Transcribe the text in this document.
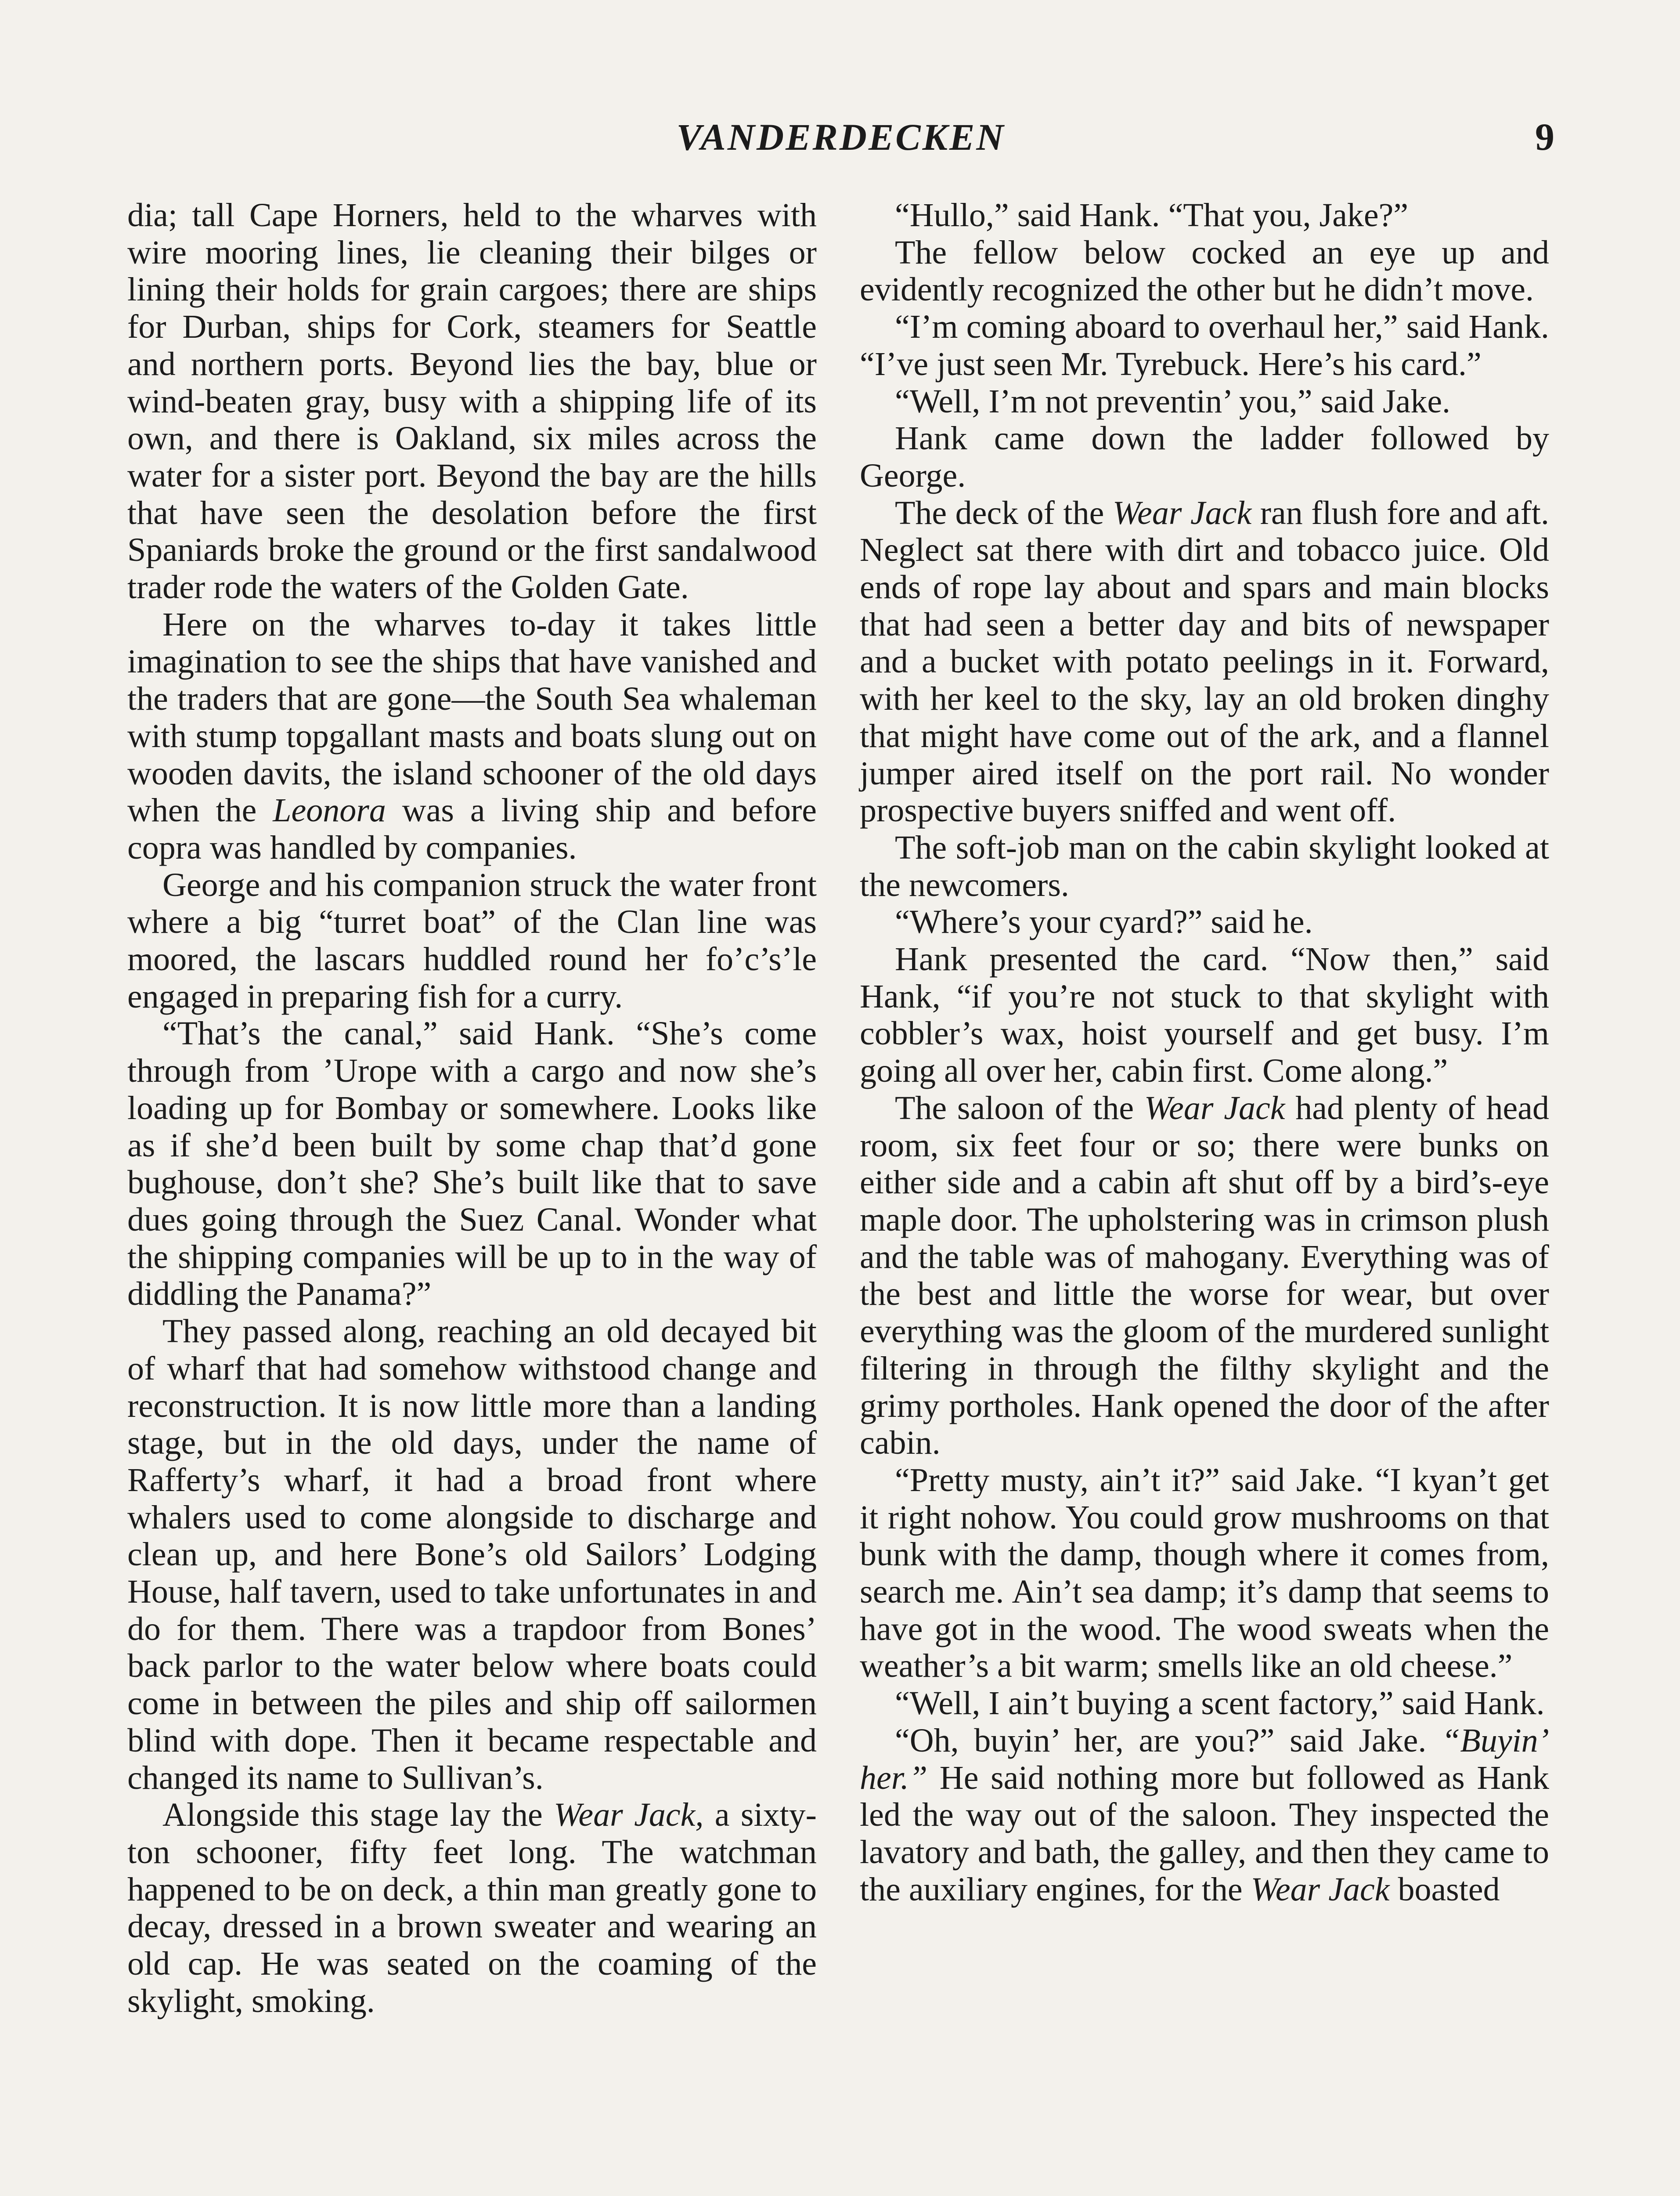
VANDERDECKEN	9

dia; tall Cape Horners, held to the wharves with wire mooring lines, lie cleaning their bilges or lining their holds for grain cargoes; there are ships for Durban, ships for Cork, steamers for Seattle and northern ports. Beyond lies the bay, blue or wind-beaten gray, busy with a shipping life of its own, and there is Oakland, six miles across the water for a sister port. Beyond the bay are the hills that have seen the desolation before the first Spaniards broke the ground or the first sandalwood trader rode the waters of the Golden Gate.

Here on the wharves to-day it takes little imagination to see the ships that have vanished and the traders that are gone—the South Sea whaleman with stump topgallant masts and boats slung out on wooden davits, the island schooner of the old days when the Leonora was a living ship and before copra was handled by companies.

George and his companion struck the water front where a big “turret boat” of the Clan line was moored, the lascars huddled round her fo’c’s’le engaged in preparing fish for a curry.

“That’s the canal,” said Hank. “She’s come through from ’Urope with a cargo and now she’s loading up for Bombay or somewhere. Looks like as if she’d been built by some chap that’d gone bughouse, don’t she? She’s built like that to save dues going through the Suez Canal. Wonder what the shipping companies will be up to in the way of diddling the Panama?”

They passed along, reaching an old decayed bit of wharf that had somehow withstood change and reconstruction. It is now little more than a landing stage, but in the old days, under the name of Rafferty’s wharf, it had a broad front where whalers used to come alongside to discharge and clean up, and here Bone’s old Sailors’ Lodging House, half tavern, used to take unfortunates in and do for them. There was a trapdoor from Bones’ back parlor to the water below where boats could come in between the piles and ship off sailormen blind with dope. Then it became respectable and changed its name to Sullivan’s.

Alongside this stage lay the Wear Jack, a sixty-ton schooner, fifty feet long. The watchman happened to be on deck, a thin man greatly gone to decay, dressed in a brown sweater and wearing an old cap. He was seated on the coaming of the skylight, smoking.

“Hullo,” said Hank. “That you, Jake?”

The fellow below cocked an eye up and evidently recognized the other but he didn’t move.

“I’m coming aboard to overhaul her,” said Hank. “I’ve just seen Mr. Tyrebuck. Here’s his card.”

“Well, I’m not preventin’ you,” said Jake.

Hank came down the ladder followed by George.

The deck of the Wear Jack ran flush fore and aft. Neglect sat there with dirt and tobacco juice. Old ends of rope lay about and spars and main blocks that had seen a better day and bits of newspaper and a bucket with potato peelings in it. Forward, with her keel to the sky, lay an old broken dinghy that might have come out of the ark, and a flannel jumper aired itself on the port rail. No wonder prospective buyers sniffed and went off.

The soft-job man on the cabin skylight looked at the newcomers.

“Where’s your cyard?” said he.

Hank presented the card. “Now then,” said Hank, “if you’re not stuck to that skylight with cobbler’s wax, hoist yourself and get busy. I’m going all over her, cabin first. Come along.”

The saloon of the Wear Jack had plenty of head room, six feet four or so; there were bunks on either side and a cabin aft shut off by a bird’s-eye maple door. The upholstering was in crimson plush and the table was of mahogany. Everything was of the best and little the worse for wear, but over everything was the gloom of the murdered sunlight filtering in through the filthy skylight and the grimy portholes. Hank opened the door of the after cabin.

“Pretty musty, ain’t it?” said Jake. “I kyan’t get it right nohow. You could grow mushrooms on that bunk with the damp, though where it comes from, search me. Ain’t sea damp; it’s damp that seems to have got in the wood. The wood sweats when the weather’s a bit warm; smells like an old cheese.”

“Well, I ain’t buying a scent factory,” said Hank.

“Oh, buyin’ her, are you?” said Jake. “Buyin’ her.” He said nothing more but followed as Hank led the way out of the saloon. They inspected the lavatory and bath, the galley, and then they came to the auxiliary engines, for the Wear Jack boasted
